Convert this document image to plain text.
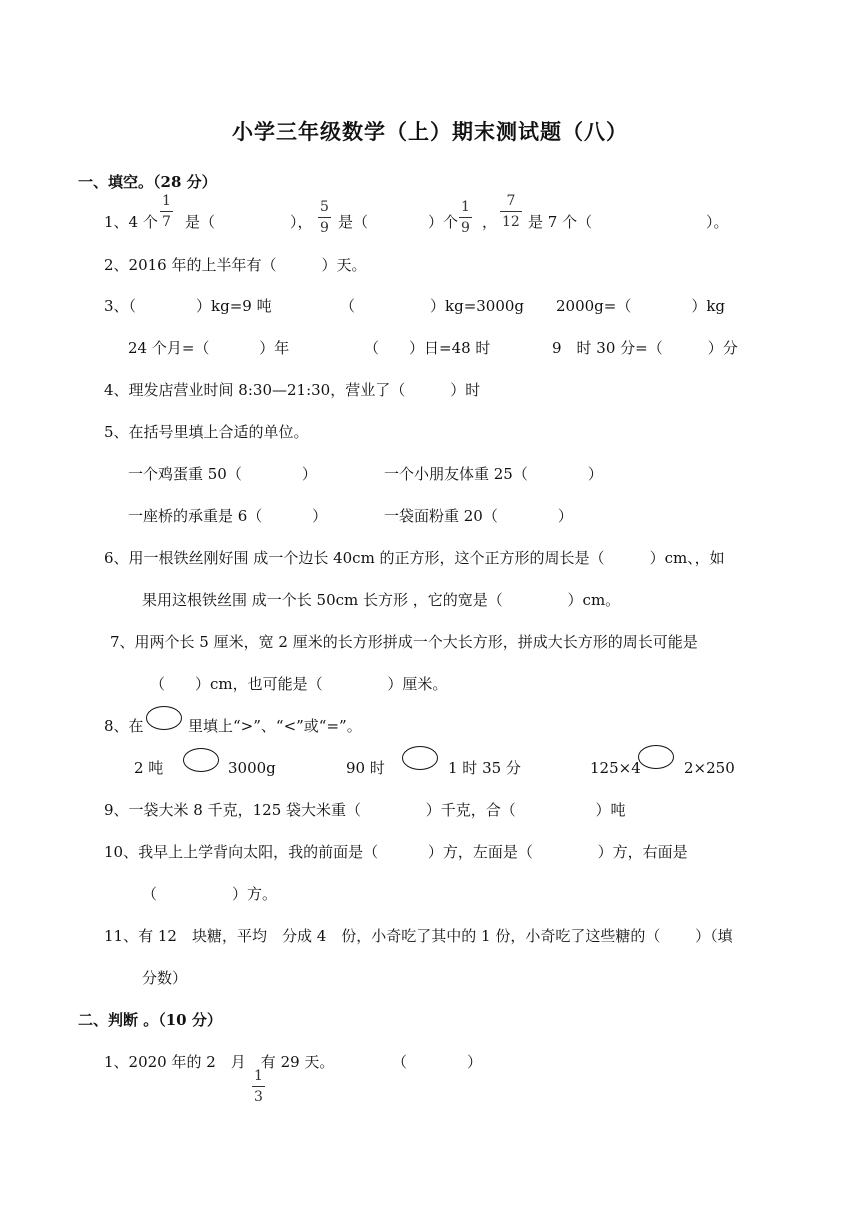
小学三年级数学（上）期末测试题（八）
一、填空。（28 分）
1、4 个
1
7 是（	），
5
9 是（	）个
1
9 ，
7
12 是 7 个（	）。
2、2016 年的上半年有（　　　）天。
3、（　　　　）kg=9 吨	（　　　　　）kg=3000g 2000g=（　　　　）kg
24 个月=（　　　 ）年	（　　）日=48 时	9　时 30 分=（　　　）分
4、理发店营业时间 8:30—21:30，营业了（　　　）时
5、在括号里填上合适的单位。
一个鸡蛋重 50（　　　　）	一个小朋友体重 25（　　　　）
一座桥的承重是 6（　　　 ）	一袋面粉重 20（　　　　）
6、用一根铁丝刚好围 成一个边长 40cm 的正方形，这个正方形的周长是（　　　）cm、，如
果用这根铁丝围 成一个长 50cm 长方形 ，它的宽是（　　　　 ）cm。
7、用两个长 5 厘米，宽 2 厘米的长方形拼成一个大长方形，拼成大长方形的周长可能是
（　　）cm，也可能是（　　　　 ）厘米。
8、在	里填上“>”、“<”或“=”。
2 吨	3000g	90 时	1 时 35 分	125×4	2×250
9、一袋大米 8 千克，125 袋大米重（　　　　 ）千克，合（　　　　　 ）吨
10、我早上上学背向太阳，我的前面是（　　　 ）方，左面是（　　　　 ）方，右面是
（　　　　　）方。
11、有 12　块糖，平均　分成 4　份，小奇吃了其中的 1 份，小奇吃了这些糖的（　　 ）（填
分数）
二、判断 。（10 分）
1、2020 年的 2　月　有 29 天。	（　　　　）
1
3
